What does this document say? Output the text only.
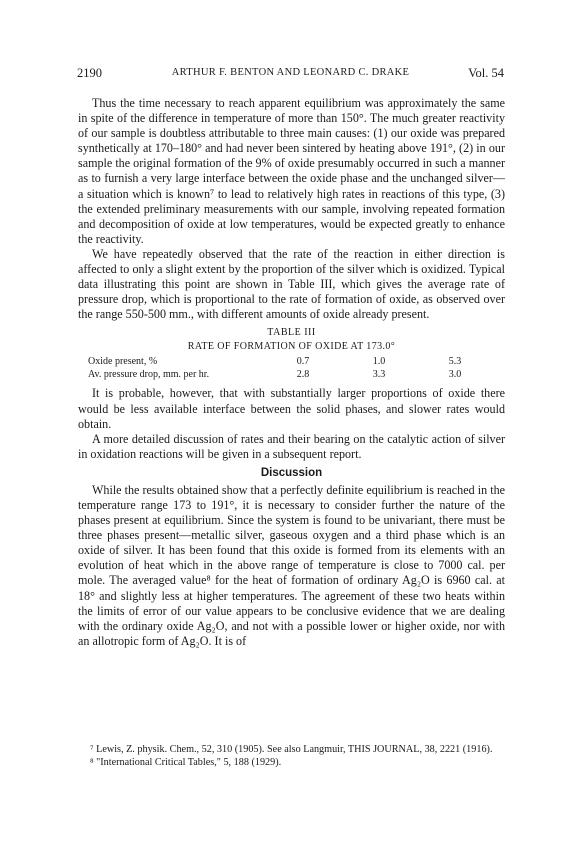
2190	ARTHUR F. BENTON AND LEONARD C. DRAKE	Vol. 54

Thus the time necessary to reach apparent equilibrium was approximately the same in spite of the difference in temperature of more than 150°. The much greater reactivity of our sample is doubtless attributable to three main causes: (1) our oxide was prepared synthetically at 170–180° and had never been sintered by heating above 191°, (2) in our sample the original formation of the 9% of oxide presumably occurred in such a manner as to furnish a very large interface between the oxide phase and the unchanged silver—a situation which is known⁷ to lead to relatively high rates in reactions of this type, (3) the extended preliminary measurements with our sample, involving repeated formation and decomposition of oxide at low temperatures, would be expected greatly to enhance the reactivity.

We have repeatedly observed that the rate of the reaction in either direction is affected to only a slight extent by the proportion of the silver which is oxidized. Typical data illustrating this point are shown in Table III, which gives the average rate of pressure drop, which is proportional to the rate of formation of oxide, as observed over the range 550-500 mm., with different amounts of oxide already present.

TABLE III
RATE OF FORMATION OF OXIDE AT 173.0°
Oxide present, %	0.7	1.0	5.3
Av. pressure drop, mm. per hr.	2.8	3.3	3.0

It is probable, however, that with substantially larger proportions of oxide there would be less available interface between the solid phases, and slower rates would obtain.

A more detailed discussion of rates and their bearing on the catalytic action of silver in oxidation reactions will be given in a subsequent report.

Discussion

While the results obtained show that a perfectly definite equilibrium is reached in the temperature range 173 to 191°, it is necessary to consider further the nature of the phases present at equilibrium. Since the system is found to be univariant, there must be three phases present—metallic silver, gaseous oxygen and a third phase which is an oxide of silver. It has been found that this oxide is formed from its elements with an evolution of heat which in the above range of temperature is close to 7000 cal. per mole. The averaged value⁸ for the heat of formation of ordinary Ag₂O is 6960 cal. at 18° and slightly less at higher temperatures. The agreement of these two heats within the limits of error of our value appears to be conclusive evidence that we are dealing with the ordinary oxide Ag₂O, and not with a possible lower or higher oxide, nor with an allotropic form of Ag₂O. It is of

⁷ Lewis, Z. physik. Chem., 52, 310 (1905). See also Langmuir, THIS JOURNAL, 38, 2221 (1916).

⁸ "International Critical Tables," 5, 188 (1929).
